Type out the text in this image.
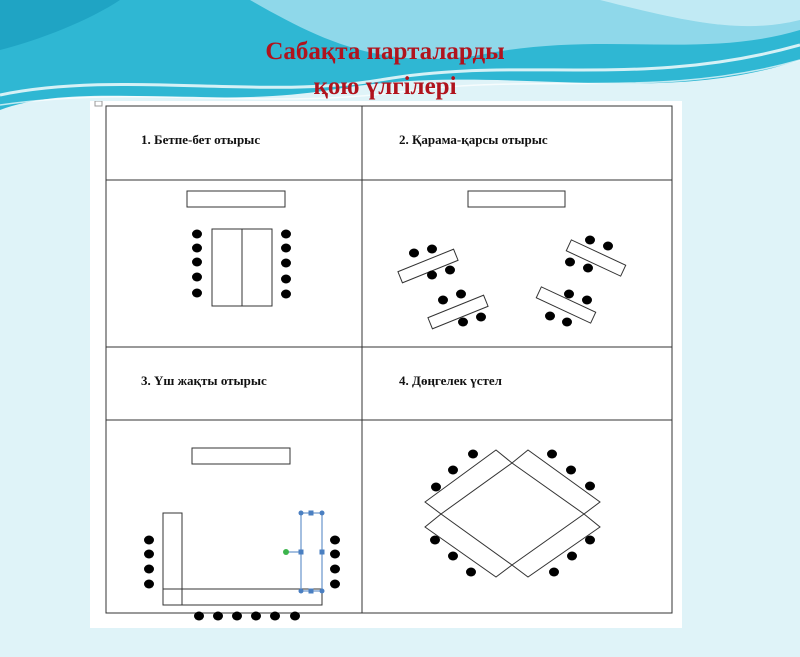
Сабақта парталарды
қою үлгілері
1. Бетпе-бет отырыс	2. Қарама-қарсы отырыс
3. Үш жақты отырыс	4. Дөңгелек үстел
